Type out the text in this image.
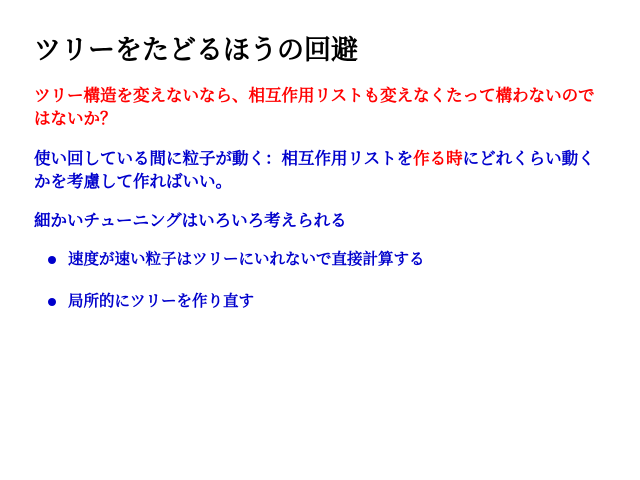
ツリーをたどるほうの回避

ツリー構造を変えないなら、相互作用リストも変えなくたって構わないのではないか？

使い回している間に粒子が動く：相互作用リストを作る時にどれくらい動くかを考慮して作ればいい。

細かいチューニングはいろいろ考えられる

速度が速い粒子はツリーにいれないで直接計算する
局所的にツリーを作り直す
